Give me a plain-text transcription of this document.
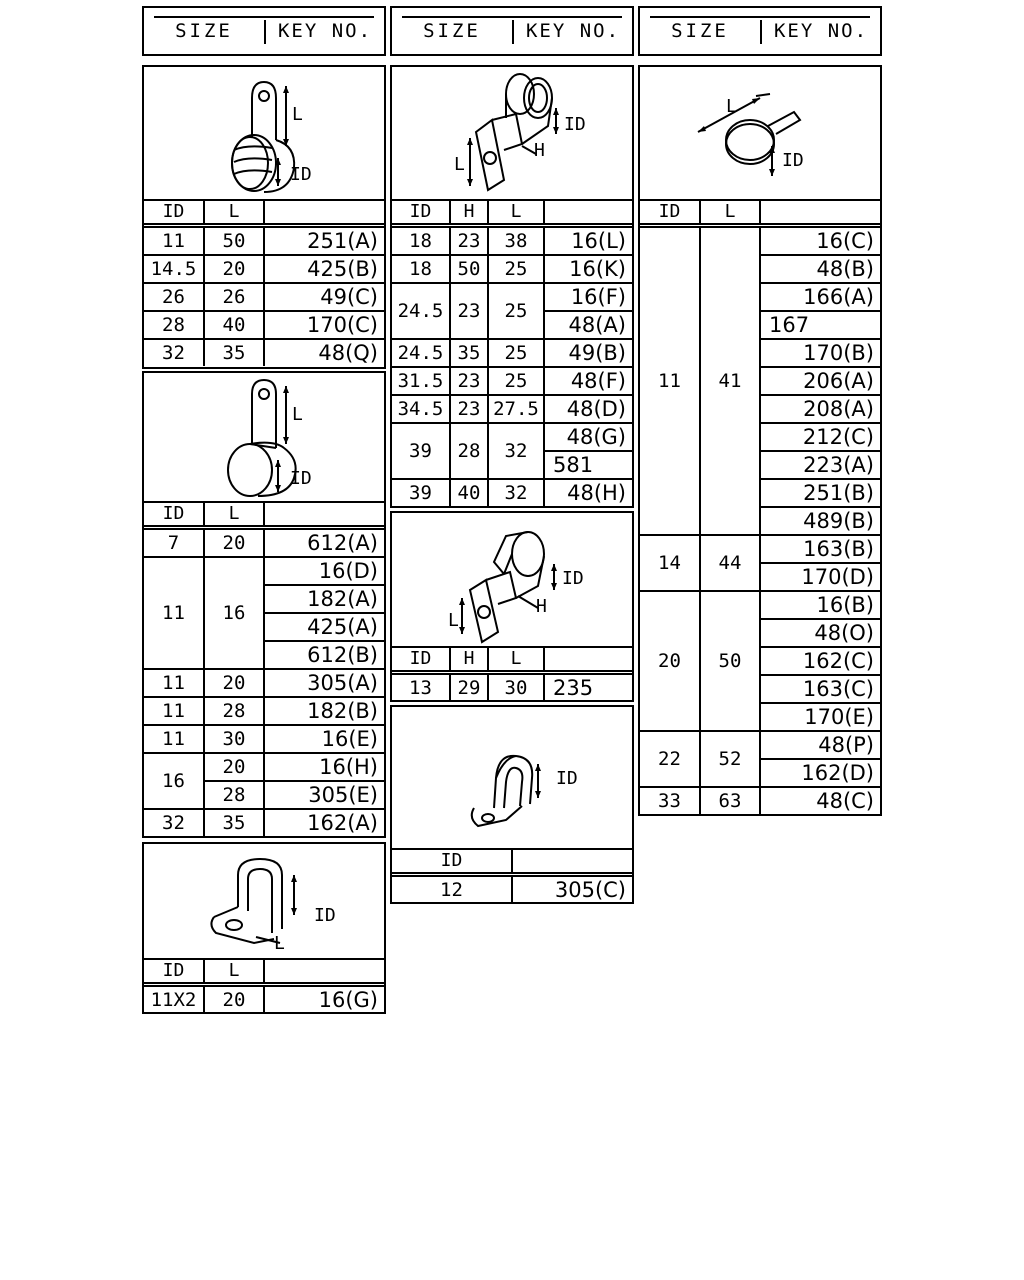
SIZE	KEY NO.	SIZE	KEY NO.	SIZE	KEY NO.
L
ID
ID	L	
11	50	251(A)
14.5	20	425(B)
26	26	49(C)
28	40	170(C)
32	35	48(Q)
L
ID
ID	L	
7	20	612(A)
11	16	16(D)
		182(A)
		425(A)
		612(B)
11	20	305(A)
11	28	182(B)
11	30	16(E)
16	20	16(H)
	28	305(E)
32	35	162(A)
ID
L
ID	L	
11X2	20	16(G)
ID
L
H
ID	H	L	
18	23	38	16(L)
18	50	25	16(K)
24.5	23	25	16(F)
			48(A)
24.5	35	25	49(B)
31.5	23	25	48(F)
34.5	23	27.5	48(D)
39	28	32	48(G)
			581
39	40	32	48(H)
ID
L
H
ID	H	L	
13	29	30	235
ID
ID	
12	305(C)
L
ID
ID	L	
11	41	16(C)
		48(B)
		166(A)
		167
		170(B)
		206(A)
		208(A)
		212(C)
		223(A)
		251(B)
		489(B)
14	44	163(B)
		170(D)
20	50	16(B)
		48(O)
		162(C)
		163(C)
		170(E)
22	52	48(P)
		162(D)
33	63	48(C)
